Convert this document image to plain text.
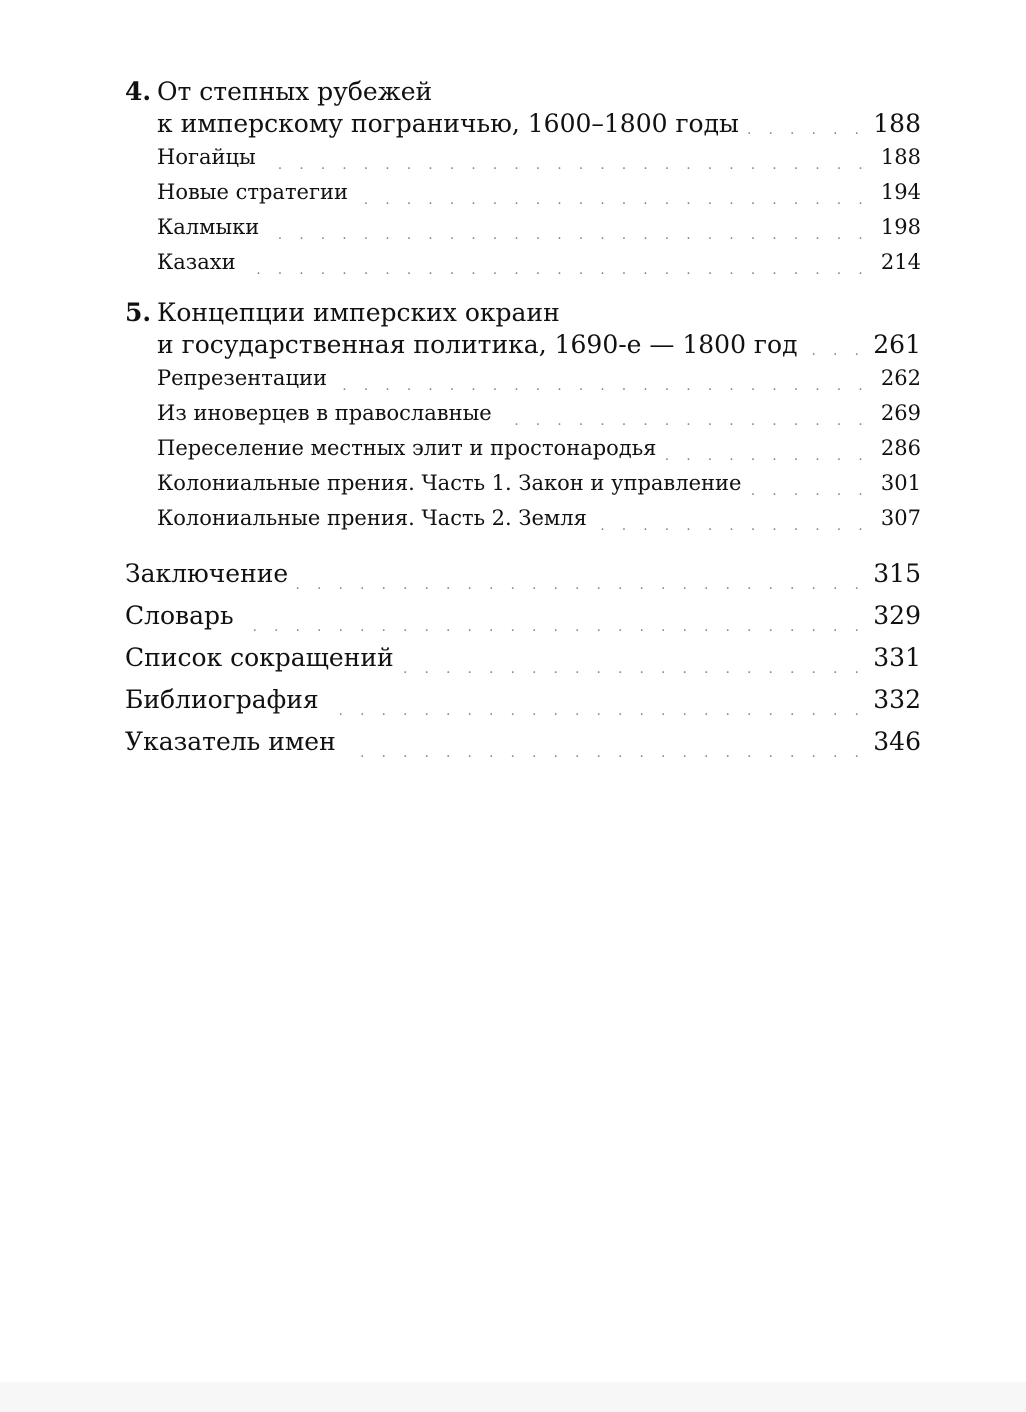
4. От степных рубежей
к имперскому пограничью, 1600–1800 годы . . .	188
Ногайцы . . .	188
Новые стратегии . . .	194
Калмыки . . .	198
Казахи . . .	214
5. Концепции имперских окраин
и государственная политика, 1690-е — 1800 год . . .	261
Репрезентации . . .	262
Из иноверцев в православные . . .	269
Переселение местных элит и простонародья . . .	286
Колониальные прения. Часть 1. Закон и управление . . .	301
Колониальные прения. Часть 2. Земля . . .	307
Заключение . . .	315
Словарь . . .	329
Список сокращений . . .	331
Библиография . . .	332
Указатель имен . . .	346
